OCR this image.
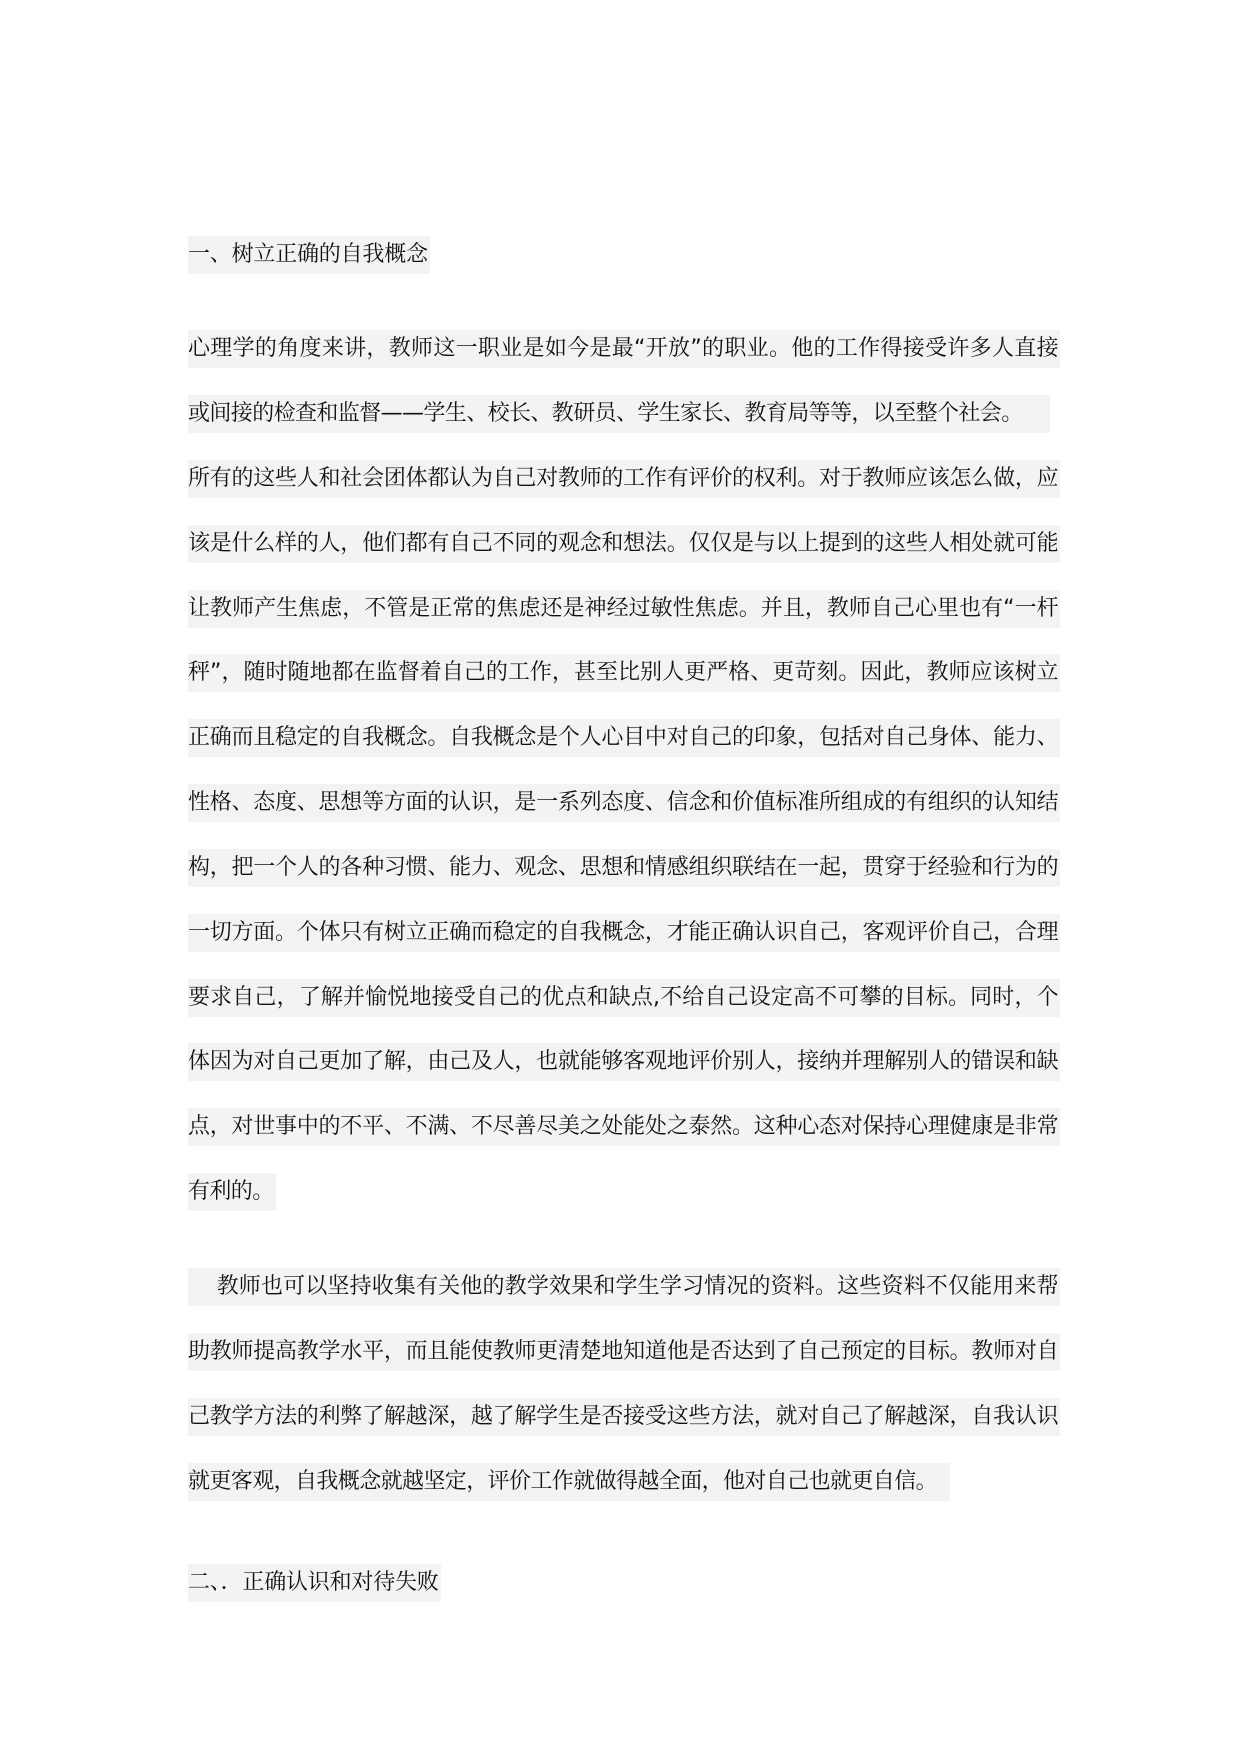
一、树立正确的自我概念
心理学的角度来讲，教师这一职业是如今是最“开放”的职业。他的工作得接受许多人直接
或间接的检查和监督——学生、校长、教研员、学生家长、教育局等等，以至整个社会。
所有的这些人和社会团体都认为自己对教师的工作有评价的权利。对于教师应该怎么做，应
该是什么样的人，他们都有自己不同的观念和想法。仅仅是与以上提到的这些人相处就可能
让教师产生焦虑，不管是正常的焦虑还是神经过敏性焦虑。并且，教师自己心里也有“一杆
秤”，随时随地都在监督着自己的工作，甚至比别人更严格、更苛刻。因此，教师应该树立
正确而且稳定的自我概念。自我概念是个人心目中对自己的印象，包括对自己身体、能力、
性格、态度、思想等方面的认识，是一系列态度、信念和价值标准所组成的有组织的认知结
构，把一个人的各种习惯、能力、观念、思想和情感组织联结在一起，贯穿于经验和行为的
一切方面。个体只有树立正确而稳定的自我概念，才能正确认识自己，客观评价自己，合理
要求自己，了解并愉悦地接受自己的优点和缺点,不给自己设定高不可攀的目标。同时，个
体因为对自己更加了解，由己及人，也就能够客观地评价别人，接纳并理解别人的错误和缺
点，对世事中的不平、不满、不尽善尽美之处能处之泰然。这种心态对保持心理健康是非常
有利的。
教师也可以坚持收集有关他的教学效果和学生学习情况的资料。这些资料不仅能用来帮
助教师提高教学水平，而且能使教师更清楚地知道他是否达到了自己预定的目标。教师对自
己教学方法的利弊了解越深，越了解学生是否接受这些方法，就对自己了解越深，自我认识
就更客观，自我概念就越坚定，评价工作就做得越全面，他对自己也就更自信。
二、．正确认识和对待失败
